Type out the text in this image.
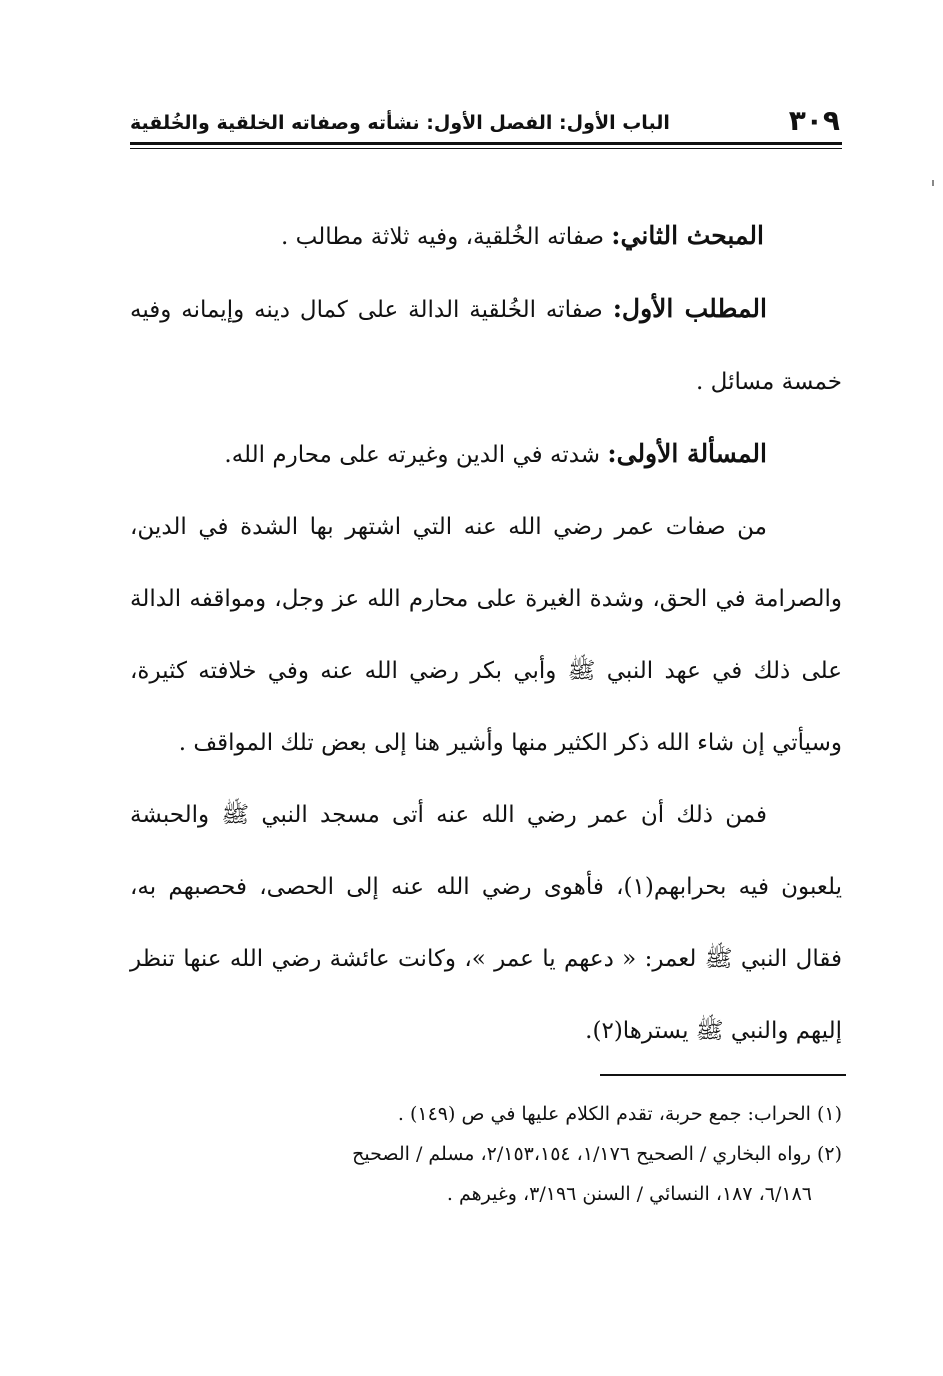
٣٠٩
الباب الأول: الفصل الأول: نشأته وصفاته الخلقية والخُلقية

المبحث الثاني: صفاته الخُلقية، وفيه ثلاثة مطالب .

المطلب الأول: صفاته الخُلقية الدالة على كمال دينه وإيمانه وفيه خمسة مسائل .

المسألة الأولى: شدته في الدين وغيرته على محارم الله.

من صفات عمر رضي الله عنه التي اشتهر بها الشدة في الدين، والصرامة في الحق، وشدة الغيرة على محارم الله عز وجل، ومواقفه الدالة على ذلك في عهد النبي ﷺ وأبي بكر رضي الله عنه وفي خلافته كثيرة، وسيأتي إن شاء الله ذكر الكثير منها وأشير هنا إلى بعض تلك المواقف .

فمن ذلك أن عمر رضي الله عنه أتى مسجد النبي ﷺ والحبشة يلعبون فيه بحرابهم(١)، فأهوى رضي الله عنه إلى الحصى، فحصبهم به، فقال النبي ﷺ لعمر: « دعهم يا عمر »، وكانت عائشة رضي الله عنها تنظر إليهم والنبي ﷺ يسترها(٢).

(١) الحراب: جمع حربة، تقدم الكلام عليها في ص (١٤٩) .

(٢) رواه البخاري / الصحيح ١/١٧٦، ٢/١٥٣،١٥٤، مسلم / الصحيح

٦/١٨٦، ١٨٧، النسائي / السنن ٣/١٩٦، وغيرهم .
